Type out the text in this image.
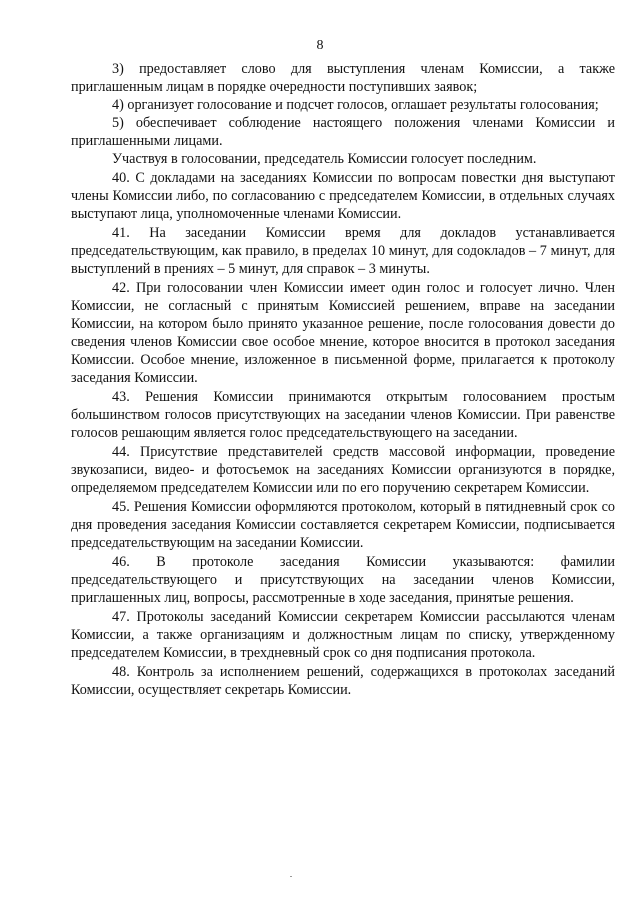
8

3) предоставляет слово для выступления членам Комиссии, а также приглашенным лицам в порядке очередности поступивших заявок;

4) организует голосование и подсчет голосов, оглашает результаты голосования;

5) обеспечивает соблюдение настоящего положения членами Комиссии и приглашенными лицами.

Участвуя в голосовании, председатель Комиссии голосует последним.

40. С докладами на заседаниях Комиссии по вопросам повестки дня выступают члены Комиссии либо, по согласованию с председателем Комиссии, в отдельных случаях выступают лица, уполномоченные членами Комиссии.

41. На заседании Комиссии время для докладов устанавливается председательствующим, как правило, в пределах 10 минут, для содокладов – 7 минут, для выступлений в прениях – 5 минут, для справок – 3 минуты.

42. При голосовании член Комиссии имеет один голос и голосует лично. Член Комиссии, не согласный с принятым Комиссией решением, вправе на заседании Комиссии, на котором было принято указанное решение, после голосования довести до сведения членов Комиссии свое особое мнение, которое вносится в протокол заседания Комиссии. Особое мнение, изложенное в письменной форме, прилагается к протоколу заседания Комиссии.

43. Решения Комиссии принимаются открытым голосованием простым большинством голосов присутствующих на заседании членов Комиссии. При равенстве голосов решающим является голос председательствующего на заседании.

44. Присутствие представителей средств массовой информации, проведение звукозаписи, видео- и фотосъемок на заседаниях Комиссии организуются в порядке, определяемом председателем Комиссии или по его поручению секретарем Комиссии.

45. Решения Комиссии оформляются протоколом, который в пятидневный срок со дня проведения заседания Комиссии составляется секретарем Комиссии, подписывается председательствующим на заседании Комиссии.

46. В протоколе заседания Комиссии указываются: фамилии председательствующего и присутствующих на заседании членов Комиссии, приглашенных лиц, вопросы, рассмотренные в ходе заседания, принятые решения.

47. Протоколы заседаний Комиссии секретарем Комиссии рассылаются членам Комиссии, а также организациям и должностным лицам по списку, утвержденному председателем Комиссии, в трехдневный срок со дня подписания протокола.

48. Контроль за исполнением решений, содержащихся в протоколах заседаний Комиссии, осуществляет секретарь Комиссии.
